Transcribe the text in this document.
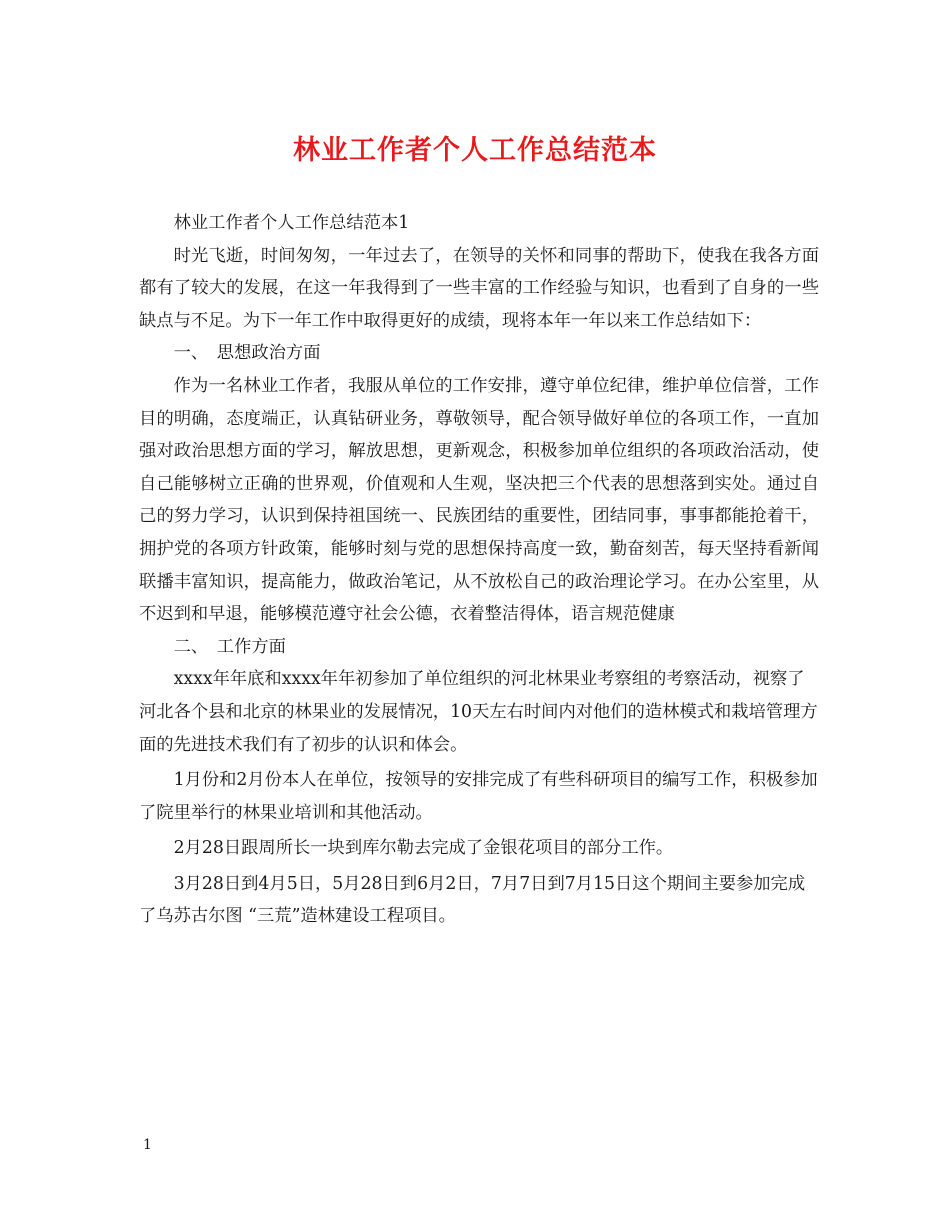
林业工作者个人工作总结范本

林业工作者个人工作总结范本1

时光飞逝，时间匆匆，一年过去了，在领导的关怀和同事的帮助下，使我在我各方面都有了较大的发展，在这一年我得到了一些丰富的工作经验与知识，也看到了自身的一些缺点与不足。为下一年工作中取得更好的成绩，现将本年一年以来工作总结如下：

一、　思想政治方面

作为一名林业工作者，我服从单位的工作安排，遵守单位纪律，维护单位信誉，工作目的明确，态度端正，认真钻研业务，尊敬领导，配合领导做好单位的各项工作，一直加强对政治思想方面的学习，解放思想，更新观念，积极参加单位组织的各项政治活动，使自己能够树立正确的世界观，价值观和人生观，坚决把三个代表的思想落到实处。通过自己的努力学习，认识到保持祖国统一、民族团结的重要性，团结同事，事事都能抢着干，拥护党的各项方针政策，能够时刻与党的思想保持高度一致，勤奋刻苦，每天坚持看新闻联播丰富知识，提高能力，做政治笔记，从不放松自己的政治理论学习。在办公室里，从不迟到和早退，能够模范遵守社会公德，衣着整洁得体，语言规范健康

二、　工作方面

xxxx年年底和xxxx年年初参加了单位组织的河北林果业考察组的考察活动，视察了河北各个县和北京的林果业的发展情况，10天左右时间内对他们的造林模式和栽培管理方面的先进技术我们有了初步的认识和体会。

1月份和2月份本人在单位，按领导的安排完成了有些科研项目的编写工作，积极参加了院里举行的林果业培训和其他活动。

2月28日跟周所长一块到库尔勒去完成了金银花项目的部分工作。

3月28日到4月5日，5月28日到6月2日，7月7日到7月15日这个期间主要参加完成了乌苏古尔图 “三荒”造林建设工程项目。

1
